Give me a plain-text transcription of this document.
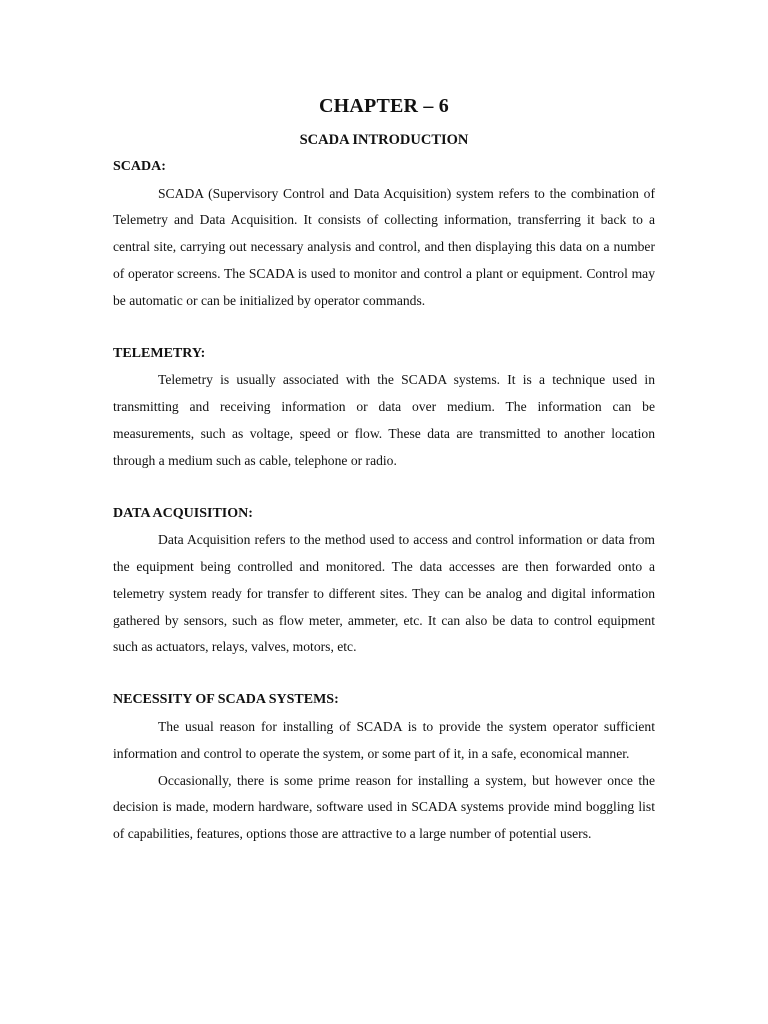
CHAPTER – 6
SCADA INTRODUCTION
SCADA:

SCADA (Supervisory Control and Data Acquisition) system refers to the combination of Telemetry and Data Acquisition. It consists of collecting information, transferring it back to a central site, carrying out necessary analysis and control, and then displaying this data on a number of operator screens. The SCADA is used to monitor and control a plant or equipment. Control may be automatic or can be initialized by operator commands.

TELEMETRY:

Telemetry is usually associated with the SCADA systems. It is a technique used in transmitting and receiving information or data over medium. The information can be measurements, such as voltage, speed or flow. These data are transmitted to another location through a medium such as cable, telephone or radio.

DATA ACQUISITION:

Data Acquisition refers to the method used to access and control information or data from the equipment being controlled and monitored. The data accesses are then forwarded onto a telemetry system ready for transfer to different sites. They can be analog and digital information gathered by sensors, such as flow meter, ammeter, etc. It can also be data to control equipment such as actuators, relays, valves, motors, etc.

NECESSITY OF SCADA SYSTEMS:

The usual reason for installing of SCADA is to provide the system operator sufficient information and control to operate the system, or some part of it, in a safe, economical manner.

Occasionally, there is some prime reason for installing a system, but however once the decision is made, modern hardware, software used in SCADA systems provide mind boggling list of capabilities, features, options those are attractive to a large number of potential users.
